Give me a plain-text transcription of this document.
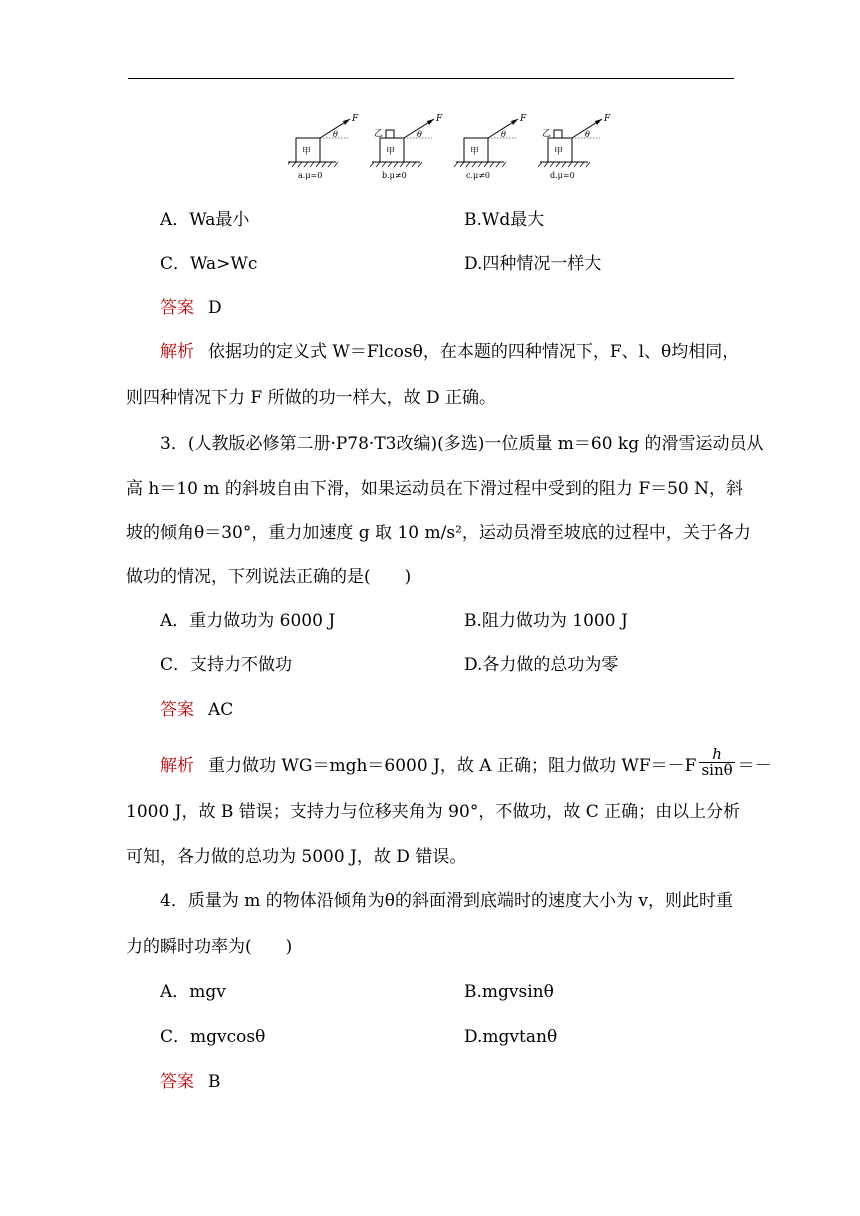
甲
F
θ
a.μ=0
乙
甲
F
θ
b.μ≠0
甲
F
θ
c.μ≠0
乙
甲
F
θ
d.μ=0
A．Wa最小	B.Wd最大
C．Wa>Wc	D.四种情况一样大
答案 D
解析 依据功的定义式 W＝Flcosθ，在本题的四种情况下，F、l、θ均相同，
则四种情况下力 F 所做的功一样大，故 D 正确。
3．(人教版必修第二册·P78·T3改编)(多选)一位质量 m＝60 kg 的滑雪运动员从
高 h＝10 m 的斜坡自由下滑，如果运动员在下滑过程中受到的阻力 F＝50 N，斜
坡的倾角θ＝30°，重力加速度 g 取 10 m/s²，运动员滑至坡底的过程中，关于各力
做功的情况，下列说法正确的是(　　)
A．重力做功为 6000 J	B.阻力做功为 1000 J
C．支持力不做功	D.各力做的总功为零
答案 AC
解析 重力做功 WG＝mgh＝6000 J，故 A 正确；阻力做功 $WF=-F \frac{h}{\sin\theta}$ ＝－
1000 J，故 B 错误；支持力与位移夹角为 90°，不做功，故 C 正确；由以上分析
可知，各力做的总功为 5000 J，故 D 错误。
4．质量为 m 的物体沿倾角为θ的斜面滑到底端时的速度大小为 v，则此时重
力的瞬时功率为(　　)
A．mgv	B.mgvsinθ
C．mgvcosθ	D.mgvtanθ
答案 B
